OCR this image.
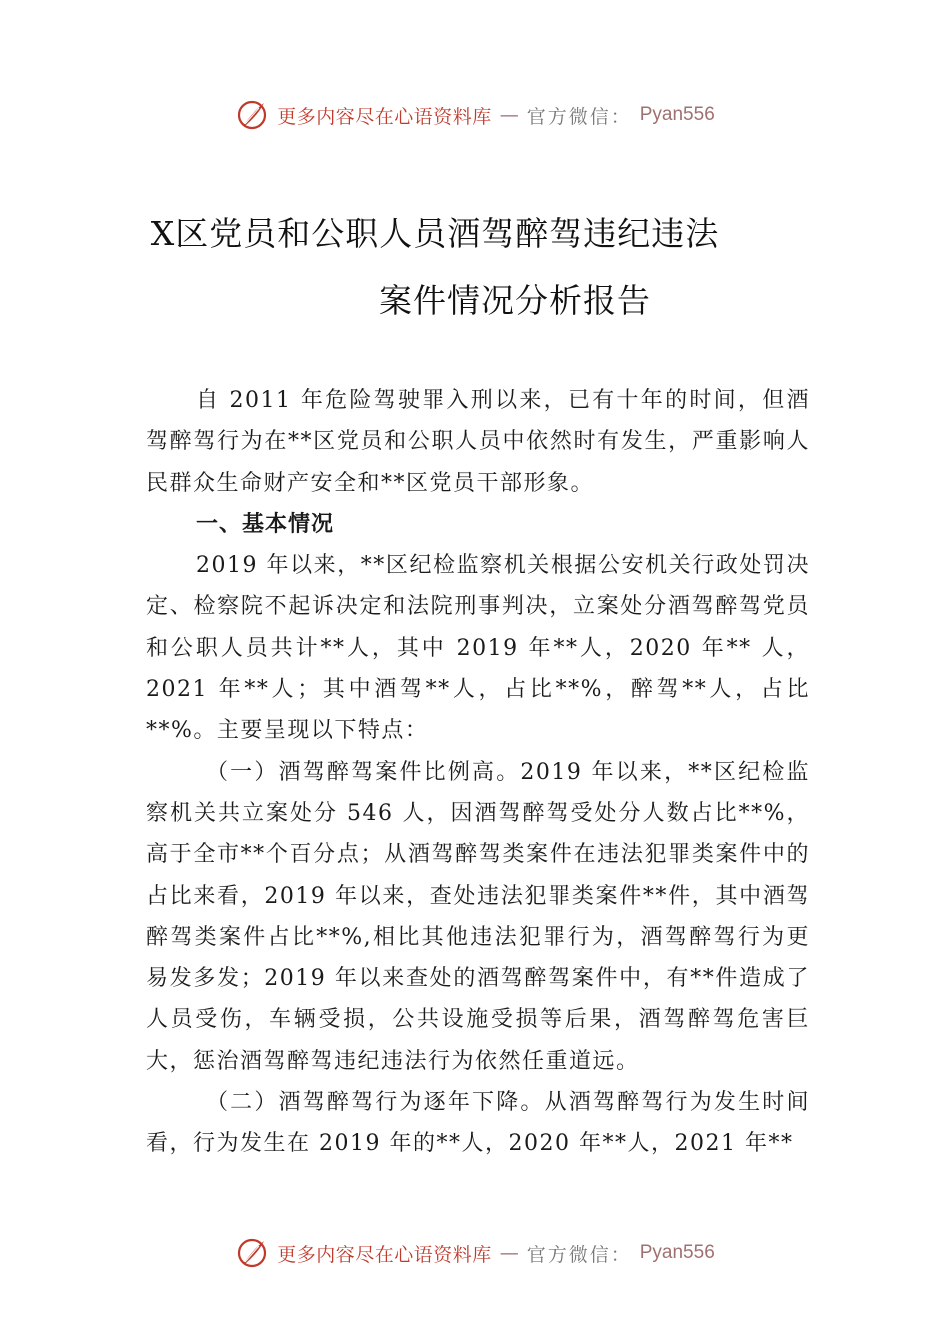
更多内容尽在心语资料库 — 官方微信： Pyan556
X区党员和公职人员酒驾醉驾违纪违法
案件情况分析报告

自 2011 年危险驾驶罪入刑以来，已有十年的时间，但酒驾醉驾行为在**区党员和公职人员中依然时有发生，严重影响人民群众生命财产安全和**区党员干部形象。

一、基本情况

2019 年以来，**区纪检监察机关根据公安机关行政处罚决定、检察院不起诉决定和法院刑事判决，立案处分酒驾醉驾党员和公职人员共计**人，其中 2019 年**人，2020 年** 人，2021 年**人；其中酒驾**人，占比**%，醉驾**人，占比**%。主要呈现以下特点：

（一）酒驾醉驾案件比例高。2019 年以来，**区纪检监察机关共立案处分 546 人，因酒驾醉驾受处分人数占比**%，高于全市**个百分点；从酒驾醉驾类案件在违法犯罪类案件中的占比来看，2019 年以来，查处违法犯罪类案件**件，其中酒驾醉驾类案件占比**%,相比其他违法犯罪行为，酒驾醉驾行为更易发多发；2019 年以来查处的酒驾醉驾案件中，有**件造成了人员受伤，车辆受损，公共设施受损等后果，酒驾醉驾危害巨大，惩治酒驾醉驾违纪违法行为依然任重道远。

（二）酒驾醉驾行为逐年下降。从酒驾醉驾行为发生时间看，行为发生在 2019 年的**人，2020 年**人，2021 年**

更多内容尽在心语资料库 — 官方微信： Pyan556
